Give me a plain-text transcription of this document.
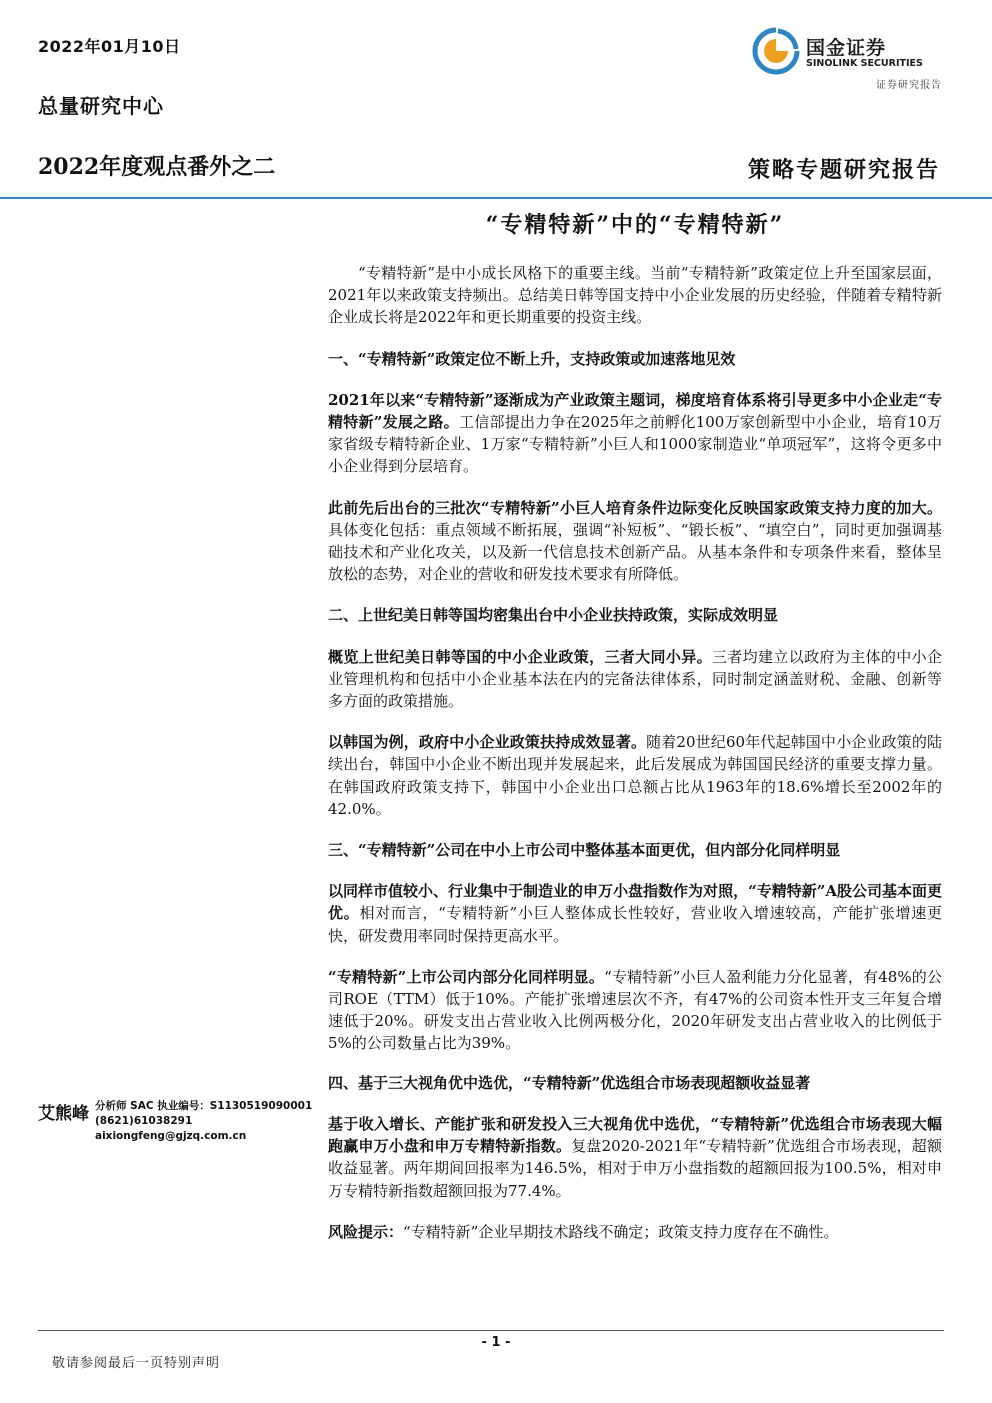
2022年01月10日
总量研究中心
2022年度观点番外之二	策略专题研究报告
国金证券
SINOLINK SECURITIES
证券研究报告
“专精特新”中的“专精特新”

“专精特新”是中小成长风格下的重要主线。当前“专精特新”政策定位上升至国家层面，2021年以来政策支持频出。总结美日韩等国支持中小企业发展的历史经验，伴随着专精特新企业成长将是2022年和更长期重要的投资主线。

一、“专精特新”政策定位不断上升，支持政策或加速落地见效

2021年以来“专精特新”逐渐成为产业政策主题词，梯度培育体系将引导更多中小企业走“专精特新”发展之路。工信部提出力争在2025年之前孵化100万家创新型中小企业，培育10万家省级专精特新企业、1万家“专精特新”小巨人和1000家制造业“单项冠军”，这将令更多中小企业得到分层培育。

此前先后出台的三批次“专精特新”小巨人培育条件边际变化反映国家政策支持力度的加大。具体变化包括：重点领域不断拓展，强调“补短板”、“锻长板”、“填空白”，同时更加强调基础技术和产业化攻关，以及新一代信息技术创新产品。从基本条件和专项条件来看，整体呈放松的态势，对企业的营收和研发技术要求有所降低。

二、上世纪美日韩等国均密集出台中小企业扶持政策，实际成效明显

概览上世纪美日韩等国的中小企业政策，三者大同小异。三者均建立以政府为主体的中小企业管理机构和包括中小企业基本法在内的完备法律体系，同时制定涵盖财税、金融、创新等多方面的政策措施。

以韩国为例，政府中小企业政策扶持成效显著。随着20世纪60年代起韩国中小企业政策的陆续出台，韩国中小企业不断出现并发展起来，此后发展成为韩国国民经济的重要支撑力量。在韩国政府政策支持下，韩国中小企业出口总额占比从1963年的18.6%增长至2002年的42.0%。

三、“专精特新”公司在中小上市公司中整体基本面更优，但内部分化同样明显

以同样市值较小、行业集中于制造业的申万小盘指数作为对照，“专精特新”A股公司基本面更优。相对而言，“专精特新”小巨人整体成长性较好，营业收入增速较高，产能扩张增速更快，研发费用率同时保持更高水平。

“专精特新”上市公司内部分化同样明显。“专精特新”小巨人盈利能力分化显著，有48%的公司ROE（TTM）低于10%。产能扩张增速层次不齐，有47%的公司资本性开支三年复合增速低于20%。研发支出占营业收入比例两极分化，2020年研发支出占营业收入的比例低于5%的公司数量占比为39%。

四、基于三大视角优中选优，“专精特新”优选组合市场表现超额收益显著

基于收入增长、产能扩张和研发投入三大视角优中选优，“专精特新”优选组合市场表现大幅跑赢申万小盘和申万专精特新指数。复盘2020-2021年“专精特新”优选组合市场表现，超额收益显著。两年期间回报率为146.5%，相对于申万小盘指数的超额回报为100.5%，相对申万专精特新指数超额回报为77.4%。

风险提示：“专精特新”企业早期技术路线不确定；政策支持力度存在不确性。

艾熊峰 分析师 SAC 执业编号：S1130519090001
(8621)61038291
aixiongfeng@gjzq.com.cn
- 1 -
敬请参阅最后一页特别声明
